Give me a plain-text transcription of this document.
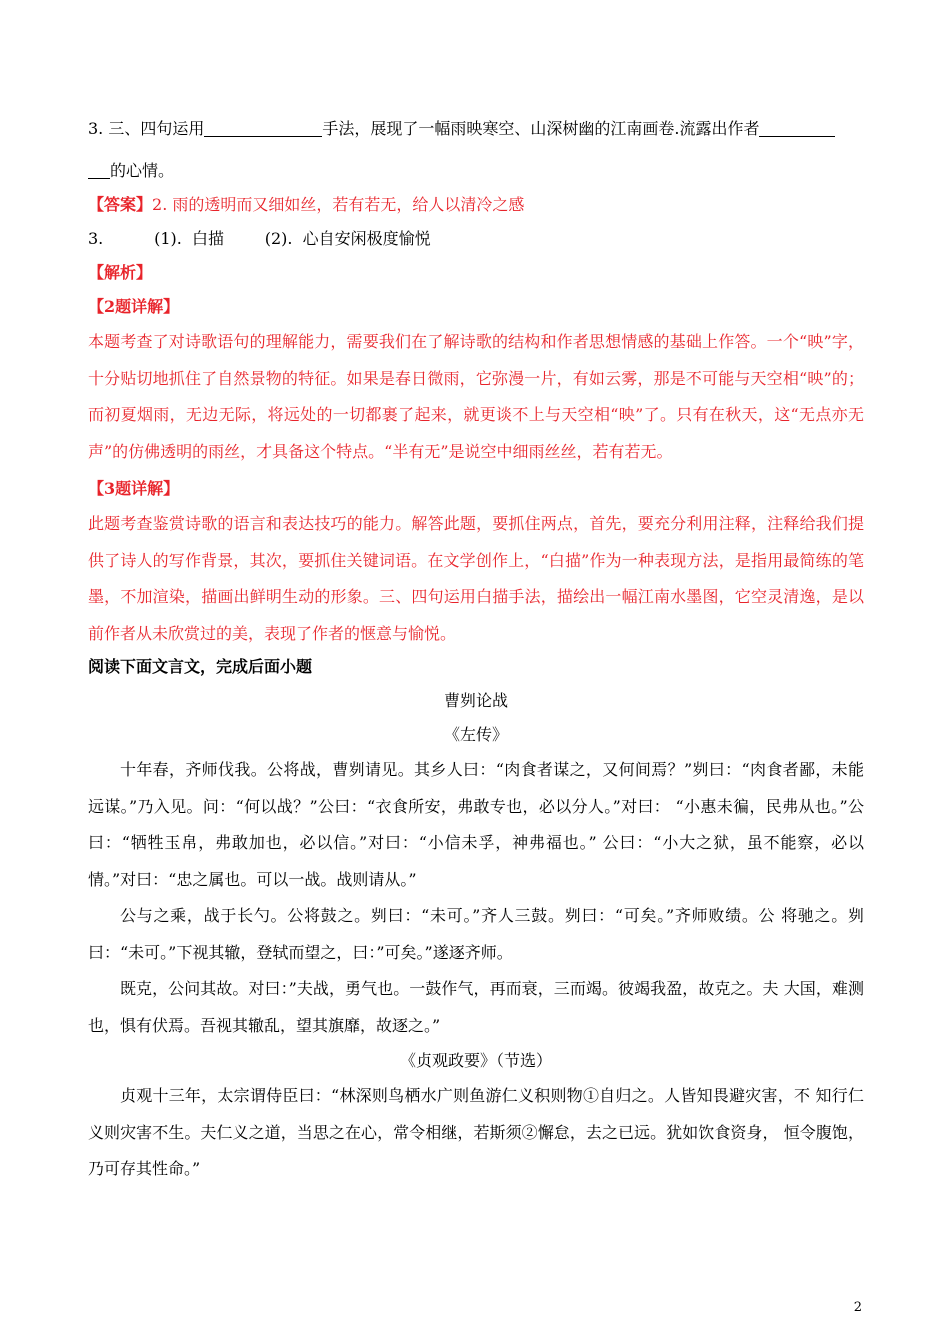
3. 三、四句运用	手法，展现了一幅雨映寒空、山深树幽的江南画卷.流露出作者
的心情。
【答案】2. 雨的透明而又细如丝，若有若无，给人以清冷之感
3.          (1).  白描        (2).  心自安闲极度愉悦
【解析】
【2题详解】
本题考查了对诗歌语句的理解能力，需要我们在了解诗歌的结构和作者思想情感的基础上作答。一个“映”字，十分贴切地抓住了自然景物的特征。如果是春日微雨，它弥漫一片，有如云雾，那是不可能与天空相“映”的；而初夏烟雨，无边无际，将远处的一切都裹了起来，就更谈不上与天空相“映”了。只有在秋天，这“无点亦无声”的仿佛透明的雨丝，才具备这个特点。“半有无”是说空中细雨丝丝，若有若无。
【3题详解】
此题考查鉴赏诗歌的语言和表达技巧的能力。解答此题，要抓住两点，首先，要充分利用注释，注释给我们提供了诗人的写作背景，其次，要抓住关键词语。在文学创作上，“白描”作为一种表现方法，是指用最简练的笔墨，不加渲染，描画出鲜明生动的形象。三、四句运用白描手法，描绘出一幅江南水墨图，它空灵清逸，是以前作者从未欣赏过的美，表现了作者的惬意与愉悦。
阅读下面文言文，完成后面小题
曹刿论战
《左传》
十年春，齐师伐我。公将战，曹刿请见。其乡人曰：“肉食者谋之，又何间焉？”刿曰：“肉食者鄙，未能远谋。”乃入见。问：“何以战？”公曰：“衣食所安，弗敢专也，必以分人。”对曰： “小惠未徧，民弗从也。”公曰：“牺牲玉帛，弗敢加也，必以信。”对曰：“小信未孚，神弗福也。” 公曰：“小大之狱，虽不能察，必以情。”对曰：“忠之属也。可以一战。战则请从。”
公与之乘，战于长勺。公将鼓之。刿曰：“未可。”齐人三鼓。刿曰：“可矣。”齐师败绩。公 将驰之。刿曰：“未可。”下视其辙，登轼而望之，曰：”可矣。”遂逐齐师。
既克，公问其故。对曰：”夫战，勇气也。一鼓作气，再而衰，三而竭。彼竭我盈，故克之。夫 大国，难测也，惧有伏焉。吾视其辙乱，望其旗靡，故逐之。”
《贞观政要》（节选）
贞观十三年，太宗谓侍臣曰：“林深则鸟栖水广则鱼游仁义积则物①自归之。人皆知畏避灾害，不 知行仁义则灾害不生。夫仁义之道，当思之在心，常令相继，若斯须②懈怠，去之已远。犹如饮食资身， 恒令腹饱，乃可存其性命。”
2
